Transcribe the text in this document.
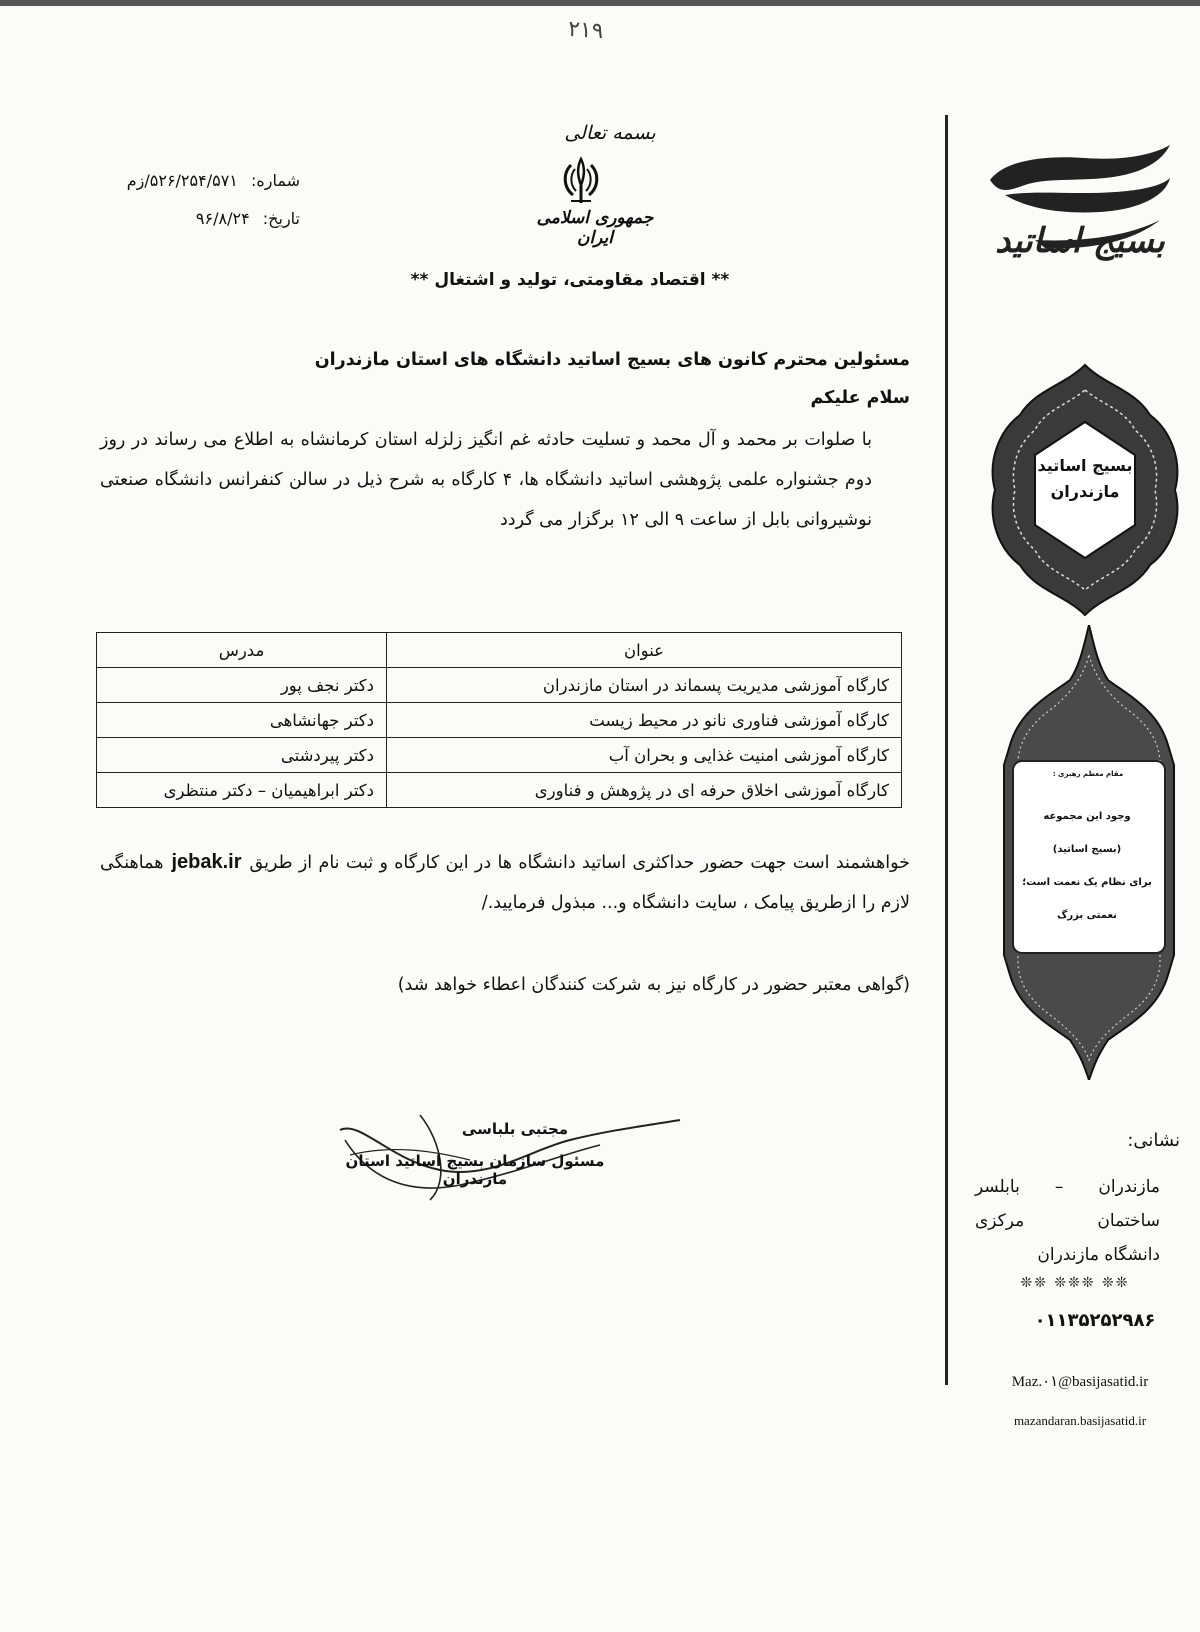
۲۱۹
بسمه تعالی
جمهوری اسلامی ایران
شماره: ۵۲۶/۲۵۴/۵۷۱/زم
تاریخ: ۹۶/۸/۲۴
** اقتصاد مقاومتی، تولید و اشتغال **

مسئولین محترم کانون های بسیج اساتید دانشگاه های استان مازندران

سلام علیکم

با صلوات بر محمد و آل محمد و تسلیت حادثه غم انگیز زلزله استان کرمانشاه به اطلاع می رساند در روز دوم جشنواره علمی پژوهشی اساتید دانشگاه ها، ۴ کارگاه به شرح ذیل در سالن کنفرانس دانشگاه صنعتی نوشیروانی بابل از ساعت ۹ الی ۱۲ برگزار می گردد

عنوان	مدرس
کارگاه آموزشی مدیریت پسماند در استان مازندران	دکتر نجف پور
کارگاه آموزشی فناوری نانو در محیط زیست	دکتر جهانشاهی
کارگاه آموزشی امنیت غذایی و بحران آب	دکتر پیردشتی
کارگاه آموزشی اخلاق حرفه ای در پژوهش و فناوری	دکتر ابراهیمیان – دکتر منتظری

خواهشمند است جهت حضور حداکثری اساتید دانشگاه ها در این کارگاه و ثبت نام از طریقjebak.irهماهنگی لازم را ازطریق پیامک ، سایت دانشگاه و... مبذول فرمایید./

(گواهی معتبر حضور در کارگاه نیز به شرکت کنندگان اعطاء خواهد شد)
مجتبی بلباسی
مسئول سازمان بسیج اساتید استان مازندران
بسیج اساتید
بسیج اساتید
مازندران
مقام معظم رهبری :
وجود این مجموعه
(بسیج اساتید)
برای نظام یک نعمت است؛
نعمتی بزرگ
نشانی:
مازندران – بابلسر
ساختمان مرکزی
دانشگاه مازندران
❊❊ ❊❊❊ ❊❊
۰۱۱۳۵۲۵۲۹۸۶
Maz.۰۱@basijasatid.ir
mazandaran.basijasatid.ir
